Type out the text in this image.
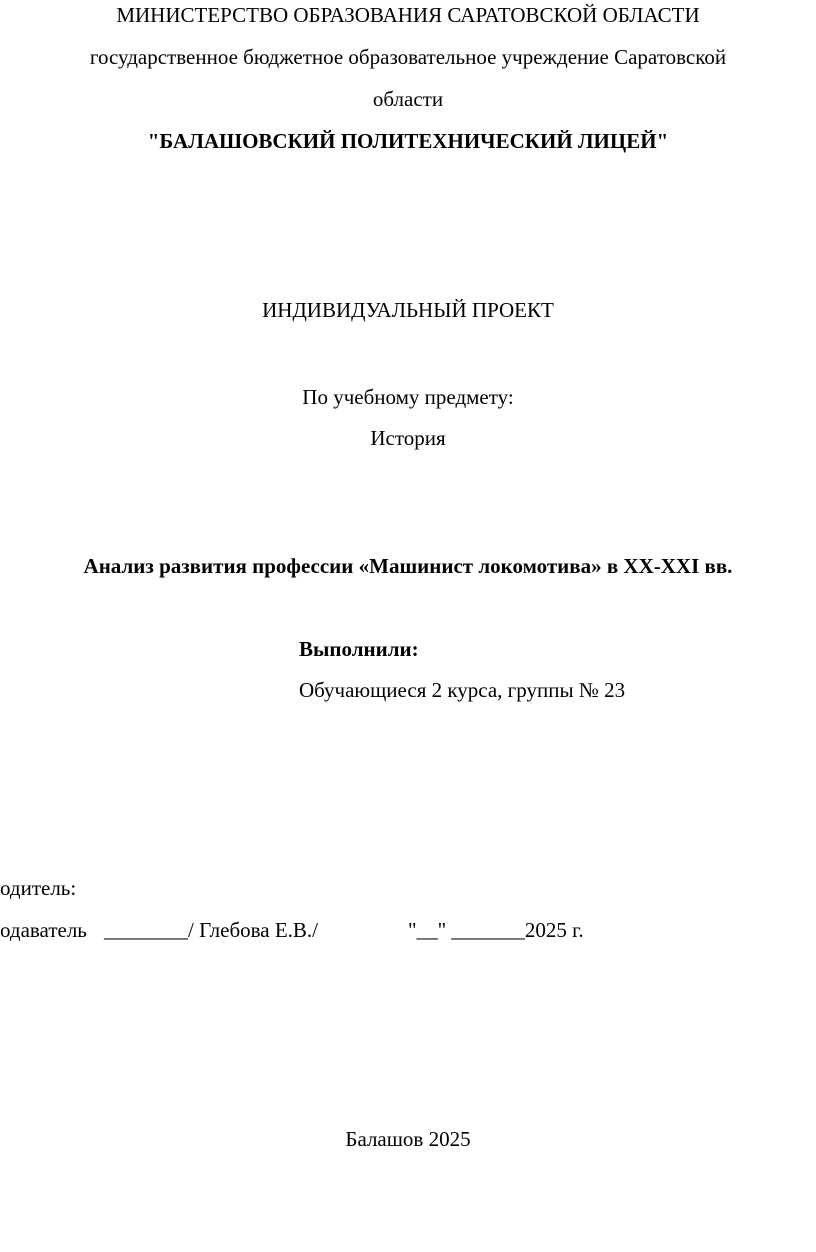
МИНИСТЕРСТВО ОБРАЗОВАНИЯ САРАТОВСКОЙ ОБЛАСТИ
государственное бюджетное образовательное учреждение Саратовской
области
"БАЛАШОВСКИЙ ПОЛИТЕХНИЧЕСКИЙ ЛИЦЕЙ"
ИНДИВИДУАЛЬНЫЙ ПРОЕКТ
По учебному предмету:
История
Анализ развития профессии «Машинист локомотива» в XX-XXI вв.
Выполнили:
Обучающиеся 2 курса, группы № 23
одитель:
одаватель ________/ Глебова Е.В./	"__" _______2025 г.
Балашов 2025
